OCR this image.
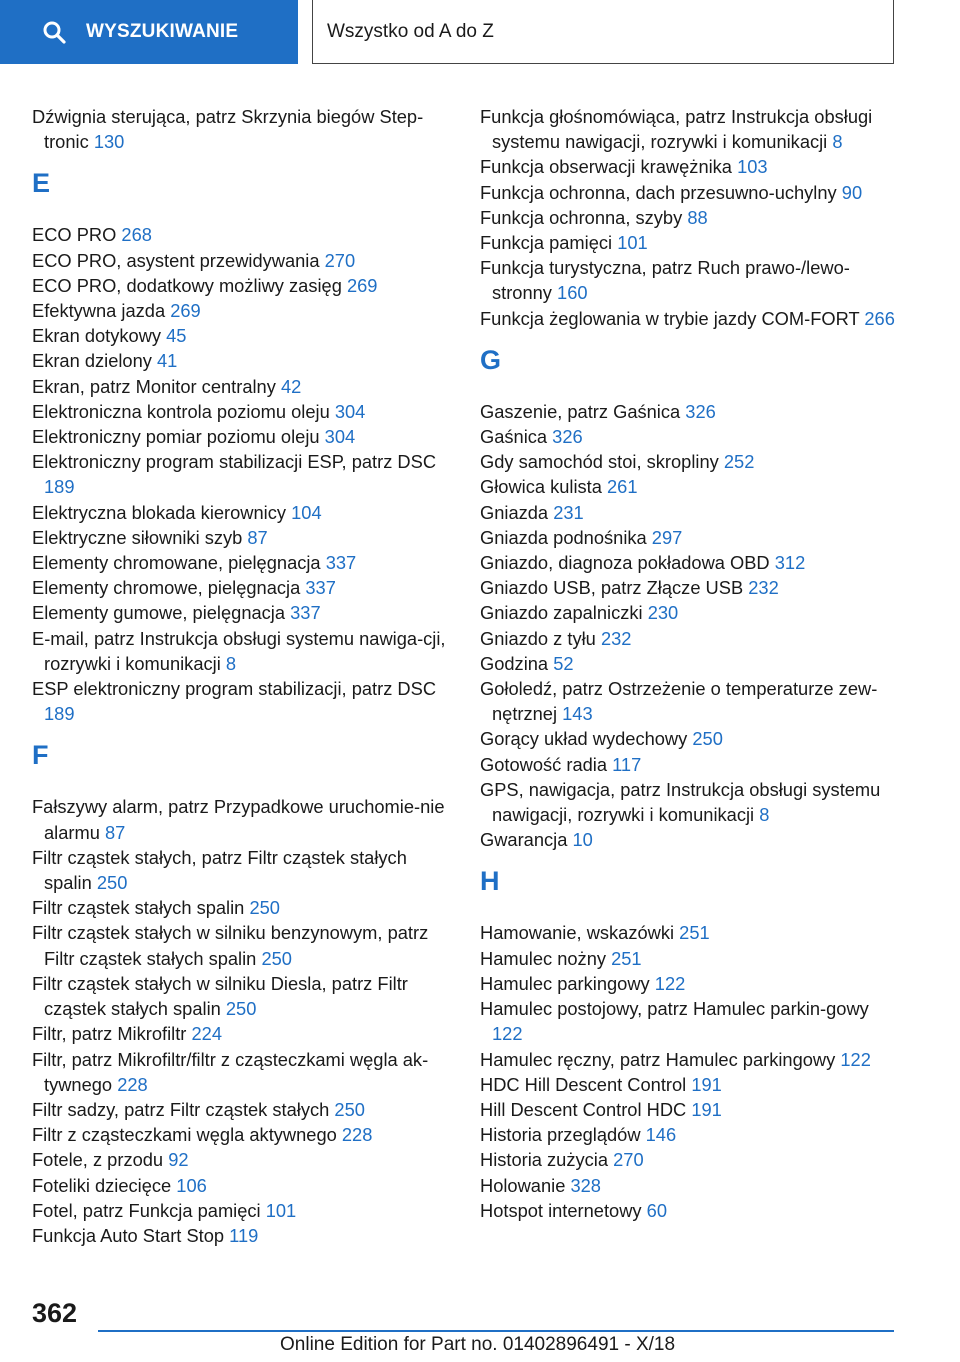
WYSZUKIWANIE	Wszystko od A do Z

Dźwignia sterująca, patrz Skrzynia biegów Step‐tronic 130

E

ECO PRO 268

ECO PRO, asystent przewidywania 270

ECO PRO, dodatkowy możliwy zasięg 269

Efektywna jazda 269

Ekran dotykowy 45

Ekran dzielony 41

Ekran, patrz Monitor centralny 42

Elektroniczna kontrola poziomu oleju 304

Elektroniczny pomiar poziomu oleju 304

Elektroniczny program stabilizacji ESP, patrz DSC 189

Elektryczna blokada kierownicy 104

Elektryczne siłowniki szyb 87

Elementy chromowane, pielęgnacja 337

Elementy chromowe, pielęgnacja 337

Elementy gumowe, pielęgnacja 337

E-mail, patrz Instrukcja obsługi systemu nawiga‐cji, rozrywki i komunikacji 8

ESP elektroniczny program stabilizacji, patrz DSC 189

F

Fałszywy alarm, patrz Przypadkowe uruchomie‐nie alarmu 87

Filtr cząstek stałych, patrz Filtr cząstek stałych spalin 250

Filtr cząstek stałych spalin 250

Filtr cząstek stałych w silniku benzynowym, patrz Filtr cząstek stałych spalin 250

Filtr cząstek stałych w silniku Diesla, patrz Filtr cząstek stałych spalin 250

Filtr, patrz Mikrofiltr 224

Filtr, patrz Mikrofiltr/filtr z cząsteczkami węgla ak‐tywnego 228

Filtr sadzy, patrz Filtr cząstek stałych 250

Filtr z cząsteczkami węgla aktywnego 228

Fotele, z przodu 92

Foteliki dziecięce 106

Fotel, patrz Funkcja pamięci 101

Funkcja Auto Start Stop 119

Funkcja głośnomówiąca, patrz Instrukcja obsługi systemu nawigacji, rozrywki i komunikacji 8

Funkcja obserwacji krawężnika 103

Funkcja ochronna, dach przesuwno-uchylny 90

Funkcja ochronna, szyby 88

Funkcja pamięci 101

Funkcja turystyczna, patrz Ruch prawo-/lewo‐stronny 160

Funkcja żeglowania w trybie jazdy COM‐FORT 266

G

Gaszenie, patrz Gaśnica 326

Gaśnica 326

Gdy samochód stoi, skropliny 252

Głowica kulista 261

Gniazda 231

Gniazda podnośnika 297

Gniazdo, diagnoza pokładowa OBD 312

Gniazdo USB, patrz Złącze USB 232

Gniazdo zapalniczki 230

Gniazdo z tyłu 232

Godzina 52

Gołoledź, patrz Ostrzeżenie o temperaturze zew‐nętrznej 143

Gorący układ wydechowy 250

Gotowość radia 117

GPS, nawigacja, patrz Instrukcja obsługi systemu nawigacji, rozrywki i komunikacji 8

Gwarancja 10

H

Hamowanie, wskazówki 251

Hamulec nożny 251

Hamulec parkingowy 122

Hamulec postojowy, patrz Hamulec parkin‐gowy 122

Hamulec ręczny, patrz Hamulec parkingowy 122

HDC Hill Descent Control 191

Hill Descent Control HDC 191

Historia przeglądów 146

Historia zużycia 270

Holowanie 328

Hotspot internetowy 60

362
Online Edition for Part no. 01402896491 - X/18
